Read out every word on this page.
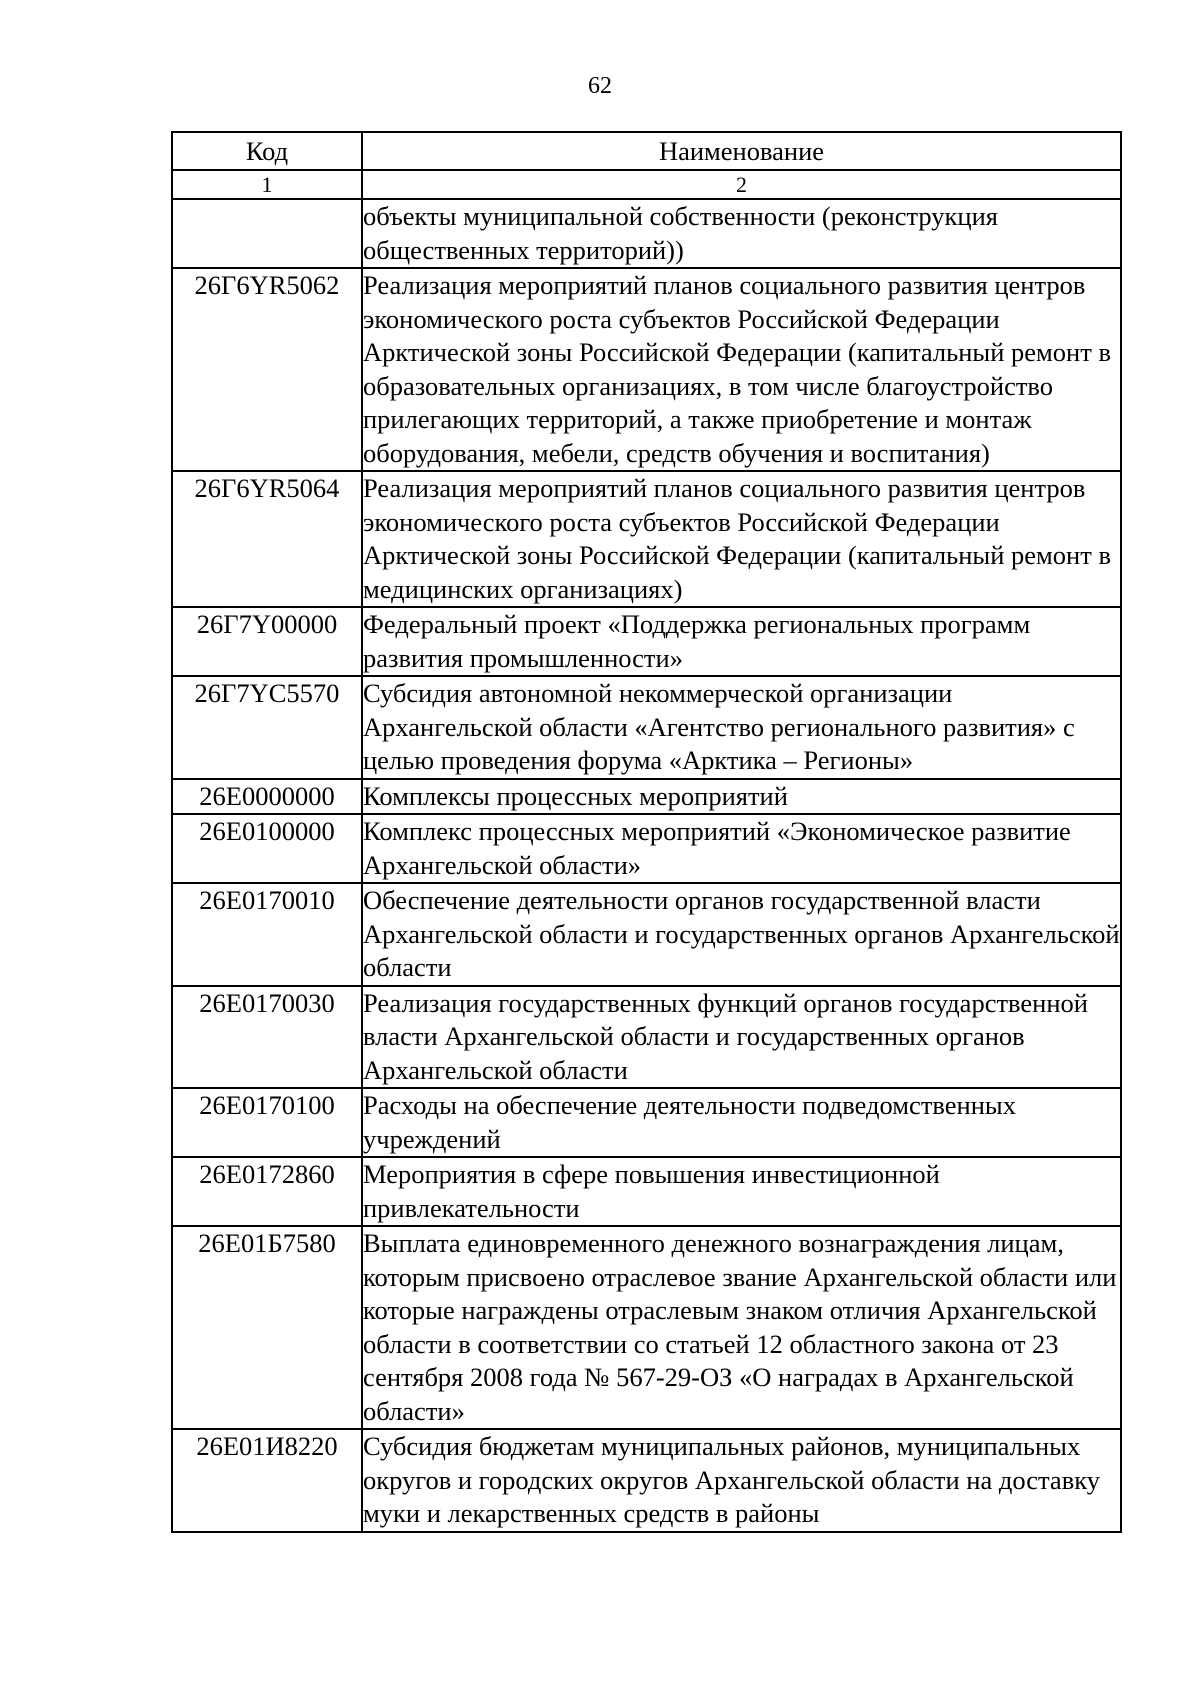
62
Код	Наименование
1	2
	объекты муниципальной собственности (реконструкция общественных территорий))
26Г6YR5062	Реализация мероприятий планов социального развития центров экономического роста субъектов Российской Федерации Арктической зоны Российской Федерации (капитальный ремонт в образовательных организациях, в том числе благоустройство прилегающих территорий, а также приобретение и монтаж оборудования, мебели, средств обучения и воспитания)
26Г6YR5064	Реализация мероприятий планов социального развития центров экономического роста субъектов Российской Федерации Арктической зоны Российской Федерации (капитальный ремонт в медицинских организациях)
26Г7Y00000	Федеральный проект «Поддержка региональных программ развития промышленности»
26Г7YC5570	Субсидия автономной некоммерческой организации Архангельской области «Агентство регионального развития» с целью проведения форума «Арктика – Регионы»
26Е0000000	Комплексы процессных мероприятий
26Е0100000	Комплекс процессных мероприятий «Экономическое развитие Архангельской области»
26Е0170010	Обеспечение деятельности органов государственной власти Архангельской области и государственных органов Архангельской области
26Е0170030	Реализация государственных функций органов государственной власти Архангельской области и государственных органов Архангельской области
26Е0170100	Расходы на обеспечение деятельности подведомственных учреждений
26Е0172860	Мероприятия в сфере повышения инвестиционной привлекательности
26Е01Б7580	Выплата единовременного денежного вознаграждения лицам, которым присвоено отраслевое звание Архангельской области или которые награждены отраслевым знаком отличия Архангельской области в соответствии со статьей 12 областного закона от 23 сентября 2008 года № 567-29-ОЗ «О наградах в Архангельской области»
26Е01И8220	Субсидия бюджетам муниципальных районов, муниципальных округов и городских округов Архангельской области на доставку муки и лекарственных средств в районы
